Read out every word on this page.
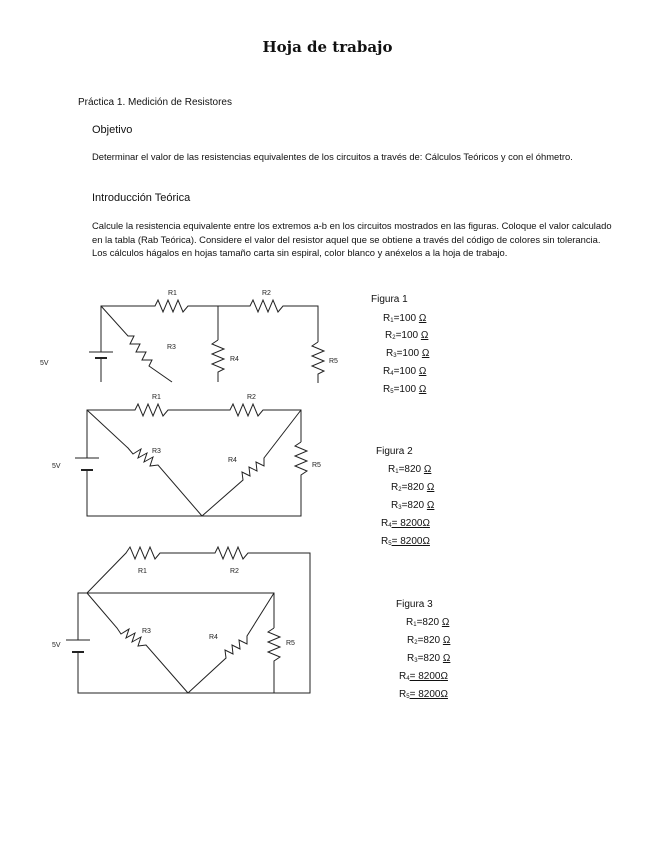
Hoja de trabajo
Práctica 1. Medición de Resistores
Objetivo
Determinar el valor de las resistencias equivalentes de los circuitos a través de: Cálculos Teóricos y con el óhmetro.
Introducción Teórica
Calcule la resistencia equivalente entre los extremos a-b en los circuitos mostrados en las figuras. Coloque el valor calculado en la tabla (Rab Teórica). Considere el valor del resistor aquel que se obtiene a través del código de colores sin tolerancia. Los cálculos hágalos en hojas tamaño carta sin espiral, color blanco y anéxelos a la hoja de trabajo.
5V
R1	R2
R3
R4	R5
5V
R1	R2
R3
R4
R5
5V
R1	R2
R3
R4
R5
Figura 1
$R_1=100$ Ω
$R_2=100$ Ω
$R_3=100$ Ω
$R_4=100$ Ω
$R_5=100$ Ω
Figura 2
$R_1=820$ Ω
$R_2=820$ Ω
$R_3=820$ Ω
$R_4= 8200\Omega$
$R_5= 8200\Omega$
Figura 3
$R_1=820$ Ω
$R_2=820$ Ω
$R_3=820$ Ω
$R_4= 8200\Omega$
$R_5= 8200\Omega$
